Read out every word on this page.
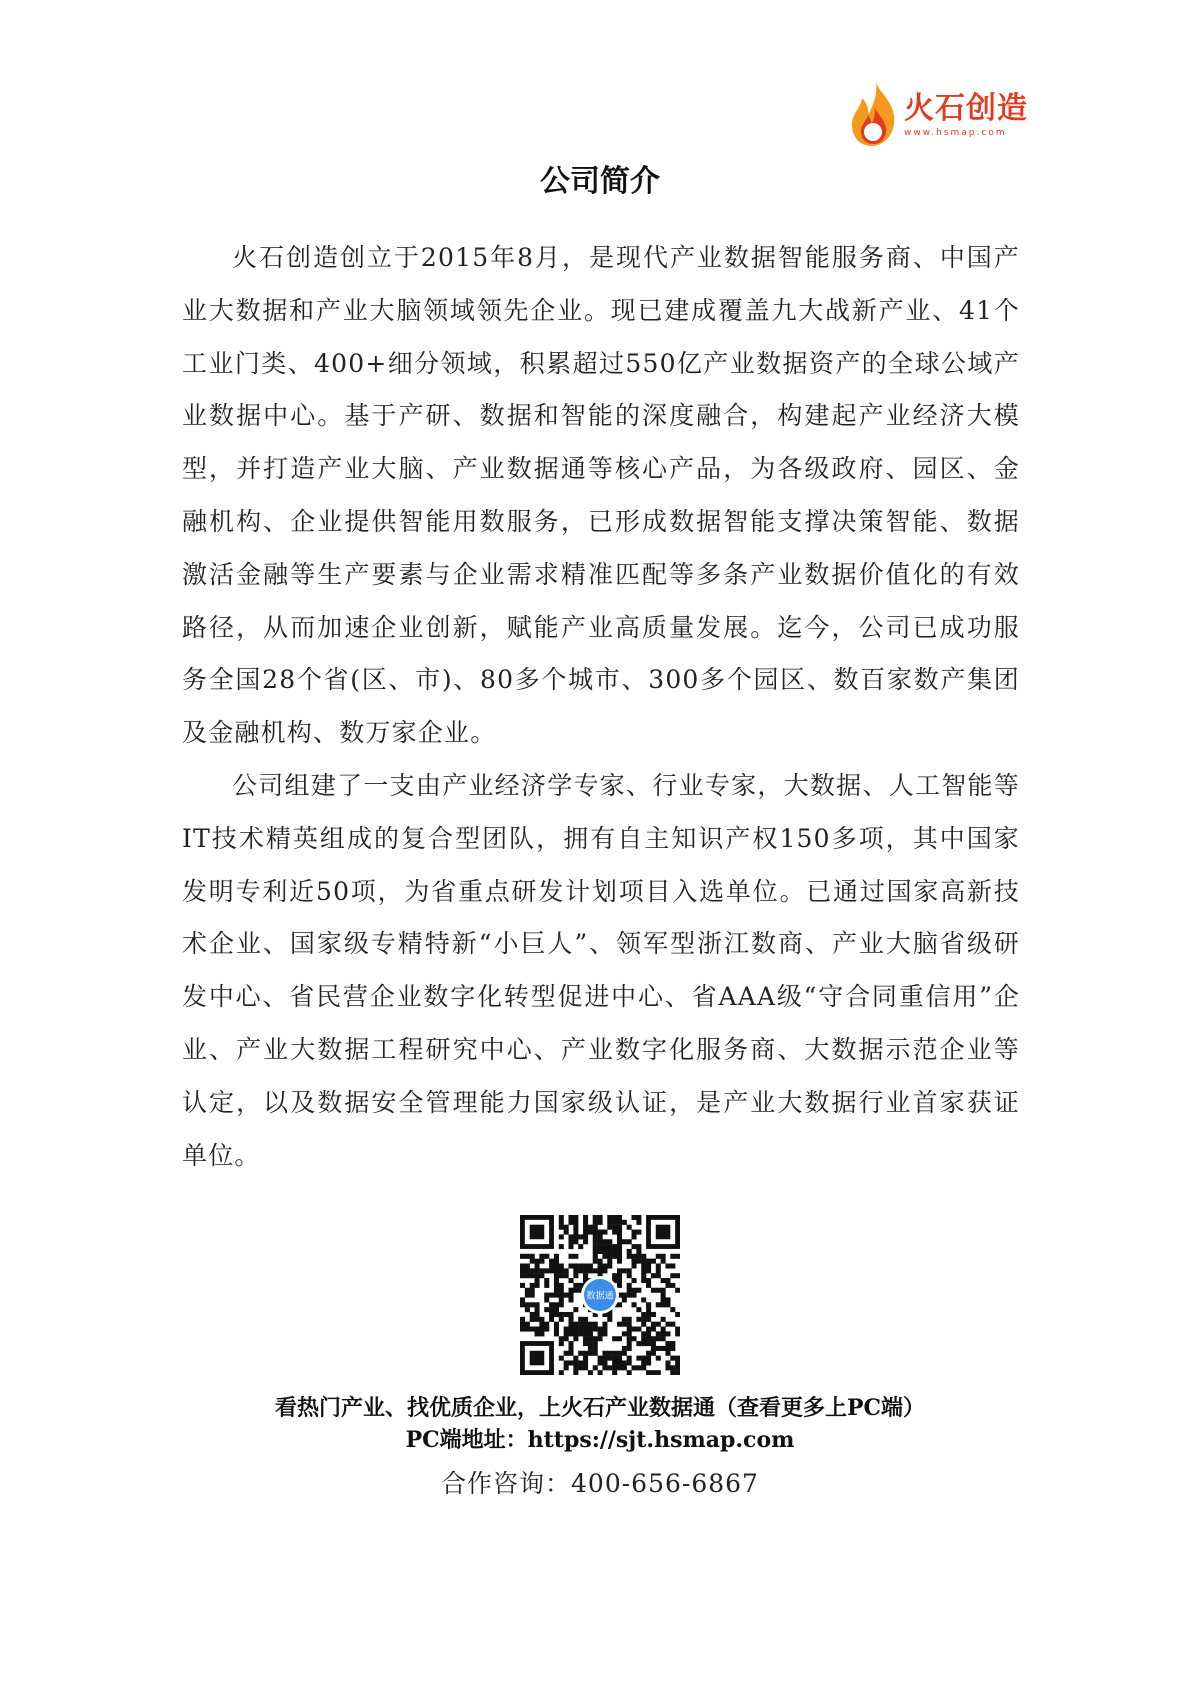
火石创造
www.hsmap.com
公司简介

火石创造创立于2015年8月，是现代产业数据智能服务商、中国产业大数据和产业大脑领域领先企业。现已建成覆盖九大战新产业、41个工业门类、400+细分领域，积累超过550亿产业数据资产的全球公域产业数据中心。基于产研、数据和智能的深度融合，构建起产业经济大模型，并打造产业大脑、产业数据通等核心产品，为各级政府、园区、金融机构、企业提供智能用数服务，已形成数据智能支撑决策智能、数据激活金融等生产要素与企业需求精准匹配等多条产业数据价值化的有效路径，从而加速企业创新，赋能产业高质量发展。迄今，公司已成功服务全国28个省(区、市)、80多个城市、300多个园区、数百家数产集团及金融机构、数万家企业。

公司组建了一支由产业经济学专家、行业专家，大数据、人工智能等IT技术精英组成的复合型团队，拥有自主知识产权150多项，其中国家发明专利近50项，为省重点研发计划项目入选单位。已通过国家高新技术企业、国家级专精特新“小巨人”、领军型浙江数商、产业大脑省级研发中心、省民营企业数字化转型促进中心、省AAA级“守合同重信用”企业、产业大数据工程研究中心、产业数字化服务商、大数据示范企业等认定，以及数据安全管理能力国家级认证，是产业大数据行业首家获证单位。

数据通
看热门产业、找优质企业，上火石产业数据通（查看更多上PC端）
PC端地址：https://sjt.hsmap.com
合作咨询：400-656-6867
